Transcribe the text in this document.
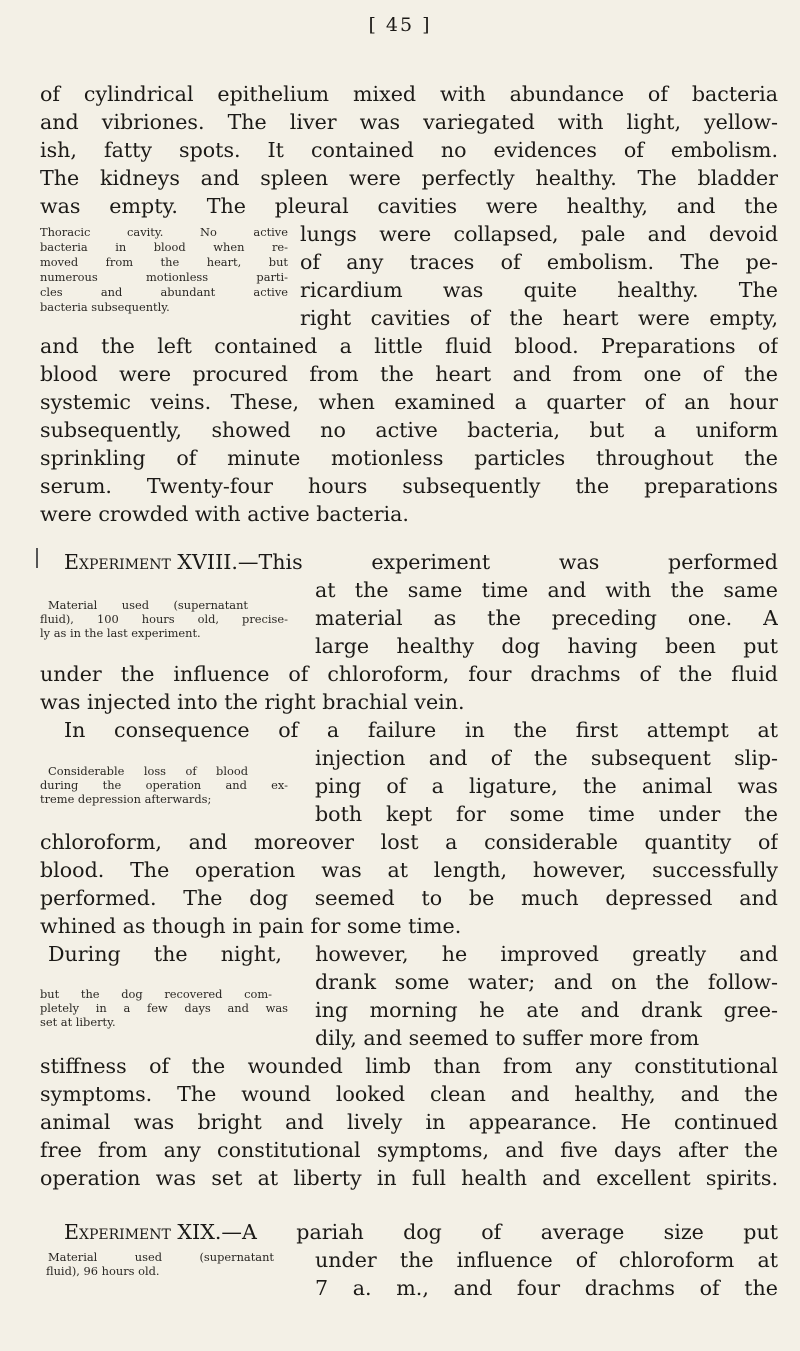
[ 45 ]
of cylindrical epithelium mixed with abundance of bacteria
and vibriones. The liver was variegated with light, yellow-
ish, fatty spots. It contained no evidences of embolism.
The kidneys and spleen were perfectly healthy. The bladder
was empty. The pleural cavities were healthy, and the
lungs were collapsed, pale and devoid
of any traces of embolism. The pe-
ricardium was quite healthy. The
right cavities of the heart were empty,
and the left contained a little fluid blood. Preparations of
blood were procured from the heart and from one of the
systemic veins. These, when examined a quarter of an hour
subsequently, showed no active bacteria, but a uniform
sprinkling of minute motionless particles throughout the
serum. Twenty-four hours subsequently the preparations
were crowded with active bacteria.
Thoracic cavity. No active
bacteria in blood when re-
moved from the heart, but
numerous motionless parti-
cles and abundant active
bacteria subsequently.
Experiment XVIII. —This experiment was performed
at the same time and with the same
material as the preceding one. A
large healthy dog having been put
under the influence of chloroform, four drachms of the fluid
was injected into the right brachial vein.
In consequence of a failure in the first attempt at
injection and of the subsequent slip-
ping of a ligature, the animal was
both kept for some time under the
chloroform, and moreover lost a considerable quantity of
blood. The operation was at length, however, successfully
performed. The dog seemed to be much depressed and
whined as though in pain for some time.
During the night, however, he improved greatly and
drank some water; and on the follow-
ing morning he ate and drank gree-
dily, and seemed to suffer more from
stiffness of the wounded limb than from any constitutional
symptoms. The wound looked clean and healthy, and the
animal was bright and lively in appearance. He continued
free from any constitutional symptoms, and five days after the
operation was set at liberty in full health and excellent spirits.
Material used (supernatant
fluid), 100 hours old, precise-
ly as in the last experiment.
Considerable loss of blood
during the operation and ex-
treme depression afterwards;
but the dog recovered com-
pletely in a few days and was
set at liberty.
Experiment XIX. —A pariah dog of average size put
under the influence of chloroform at
7 a. m., and four drachms of the
Material used (supernatant
fluid), 96 hours old.
